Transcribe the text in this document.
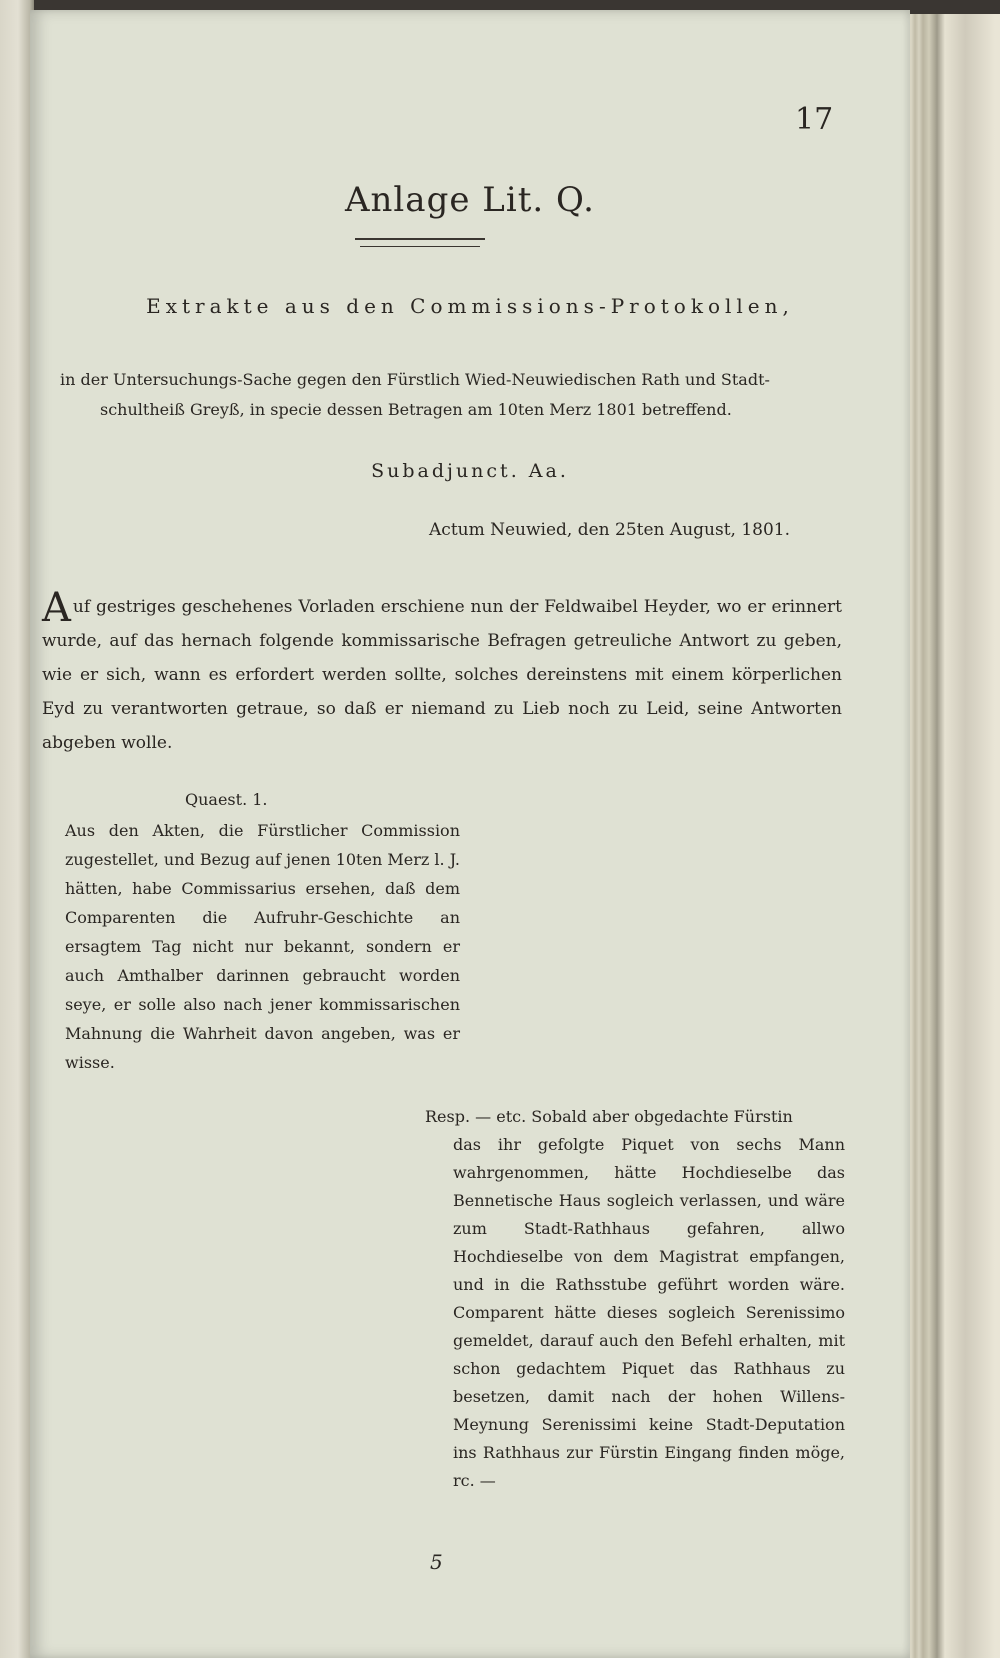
17
Anlage Lit. Q.
Extrakte aus den Commissions-Protokollen,
in der Untersuchungs-Sache gegen den Fürstlich Wied-Neuwiedischen Rath und Stadt-
schultheiß Greyß, in specie dessen Betragen am 10ten Merz 1801 betreffend.
Subadjunct. Aa.
Actum Neuwied, den 25ten August, 1801.
Auf gestriges geschehenes Vorladen erschiene nun der Feldwaibel Heyder, wo er erinnert wurde, auf das hernach folgende kommissarische Befragen getreuliche Antwort zu geben, wie er sich, wann es erfordert werden sollte, solches dereinstens mit einem körperlichen Eyd zu verantworten getraue, so daß er niemand zu Lieb noch zu Leid, seine Antworten abgeben wolle.
Quaest. 1.
Aus den Akten, die Fürstlicher Commission zugestellet, und Bezug auf jenen 10ten Merz l. J. hätten, habe Commissarius ersehen, daß dem Comparenten die Aufruhr-Geschichte an ersagtem Tag nicht nur bekannt, sondern er auch Amthalber darinnen gebraucht worden seye, er solle also nach jener kommissarischen Mahnung die Wahrheit davon angeben, was er wisse.
Resp. — etc. Sobald aber obgedachte Fürstin
das ihr gefolgte Piquet von sechs Mann wahrgenommen, hätte Hochdieselbe das Bennetische Haus sogleich verlassen, und wäre zum Stadt-Rathhaus gefahren, allwo Hochdieselbe von dem Magistrat empfangen, und in die Rathsstube geführt worden wäre. Comparent hätte dieses sogleich Serenissimo gemeldet, darauf auch den Befehl erhalten, mit schon gedachtem Piquet das Rathhaus zu besetzen, damit nach der hohen Willens-Meynung Serenissimi keine Stadt-Deputation ins Rathhaus zur Fürstin Eingang finden möge, rc. —
5
